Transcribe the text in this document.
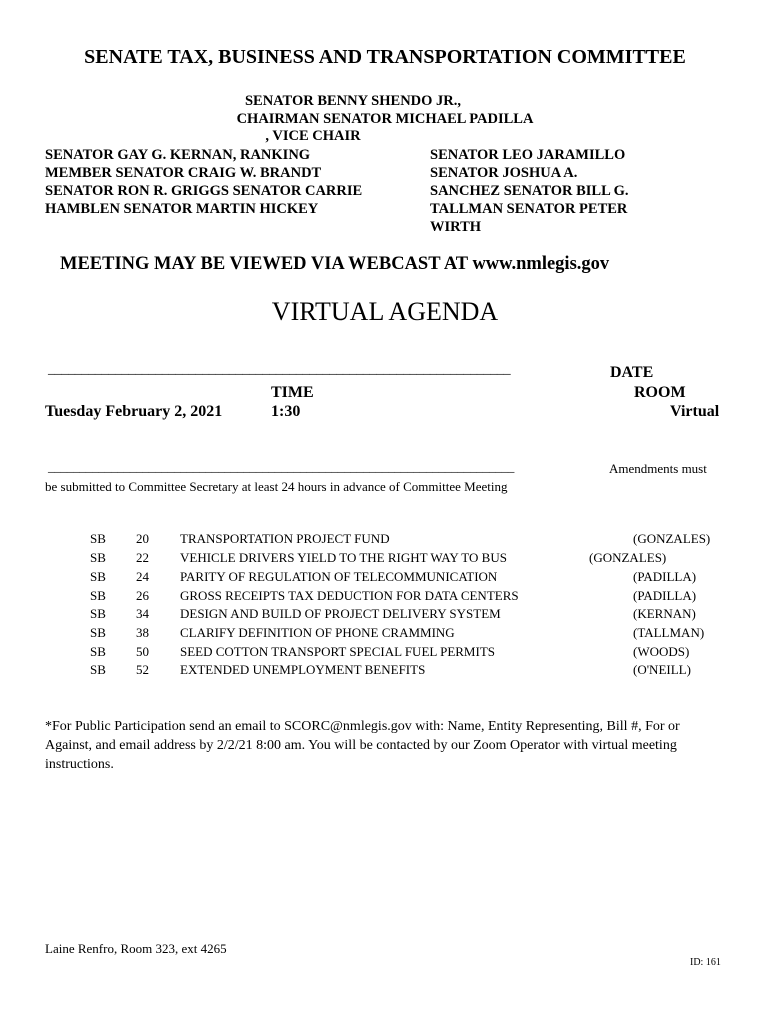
SENATE TAX, BUSINESS AND TRANSPORTATION COMMITTEE
SENATOR BENNY SHENDO JR.,
CHAIRMAN SENATOR MICHAEL PADILLA
, VICE CHAIR
SENATOR GAY G. KERNAN, RANKING
MEMBER SENATOR CRAIG W. BRANDT
SENATOR RON R. GRIGGS SENATOR CARRIE
HAMBLEN SENATOR MARTIN HICKEY
SENATOR LEO JARAMILLO
SENATOR JOSHUA A.
SANCHEZ SENATOR BILL G.
TALLMAN SENATOR PETER
WIRTH
MEETING MAY BE VIEWED VIA WEBCAST AT www.nmlegis.gov
VIRTUAL AGENDA
_____________________________________________________________________	DATE
TIME	ROOM
Tuesday February 2, 2021	1:30	Virtual
__________________________________________________________________________	Amendments must
be submitted to Committee Secretary at least 24 hours in advance of Committee Meeting
SB 20 TRANSPORTATION PROJECT FUND	(GONZALES)
SB 22 VEHICLE DRIVERS YIELD TO THE RIGHT WAY TO BUS	(GONZALES)
SB 24 PARITY OF REGULATION OF TELECOMMUNICATION	(PADILLA)
SB 26 GROSS RECEIPTS TAX DEDUCTION FOR DATA CENTERS	(PADILLA)
SB 34 DESIGN AND BUILD OF PROJECT DELIVERY SYSTEM	(KERNAN)
SB 38 CLARIFY DEFINITION OF PHONE CRAMMING	(TALLMAN)
SB 50 SEED COTTON TRANSPORT SPECIAL FUEL PERMITS	(WOODS)
SB 52 EXTENDED UNEMPLOYMENT BENEFITS	(O'NEILL)
*For Public Participation send an email to SCORC@nmlegis.gov with: Name, Entity Representing, Bill #, For or Against, and email address by 2/2/21 8:00 am. You will be contacted by our Zoom Operator with virtual meeting instructions.
Laine Renfro, Room 323, ext 4265
ID: 161
